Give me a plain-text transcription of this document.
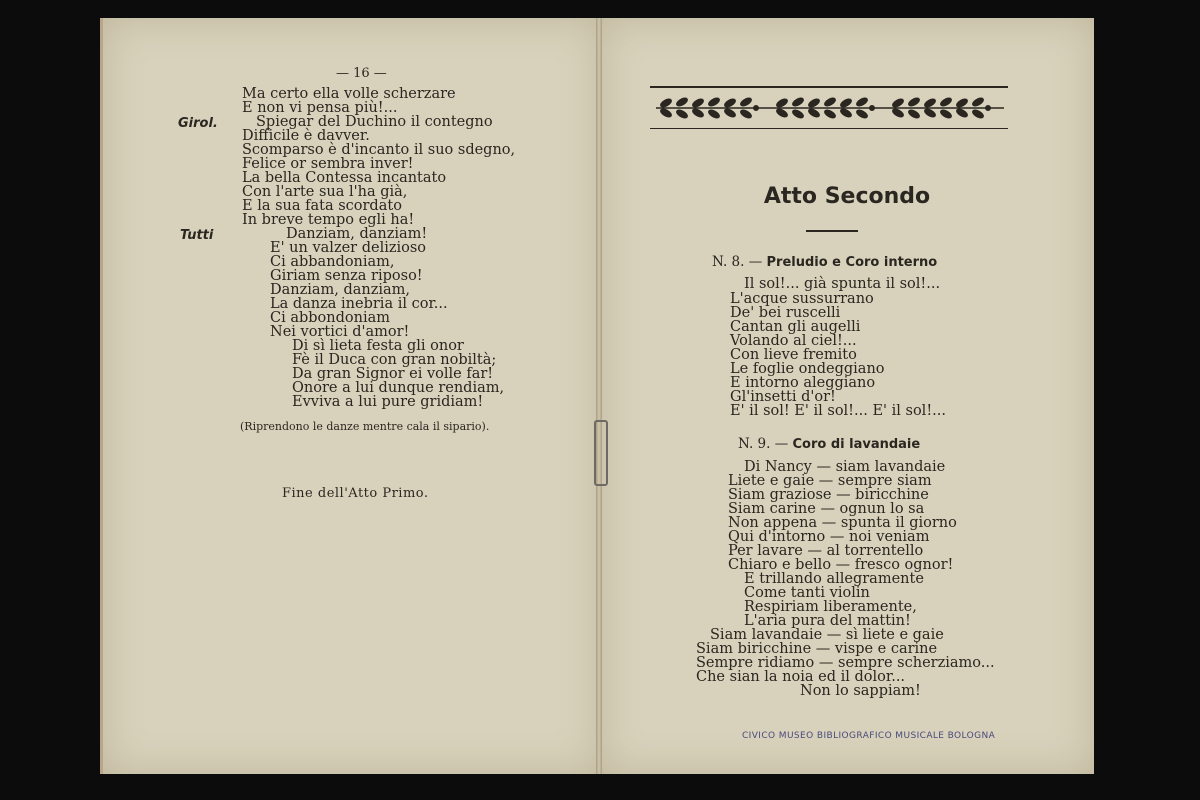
— 16 —
Girol.
Tutti
Ma certo ella volle scherzare
E non vi pensa più!...
Spiegar del Duchino il contegno
Difficile è davver.
Scomparso è d'incanto il suo sdegno,
Felice or sembra inver!
La bella Contessa incantato
Con l'arte sua l'ha già,
E la sua fata scordato
In breve tempo egli ha!
Danziam, danziam!
E' un valzer delizioso
Ci abbandoniam,
Giriam senza riposo!
Danziam, danziam,
La danza inebria il cor...
Ci abbondoniam
Nei vortici d'amor!
Di sì lieta festa gli onor
Fè il Duca con gran nobiltà;
Da gran Signor ei volle far!
Onore a lui dunque rendiam,
Evviva a lui pure gridiam!
(Riprendono le danze mentre cala il sipario).
Fine dell'Atto Primo.
Atto Secondo
N. 8. — Preludio e Coro interno
Il sol!... già spunta il sol!...
L'acque sussurrano
De' bei ruscelli
Cantan gli augelli
Volando al ciel!...
Con lieve fremito
Le foglie ondeggiano
E intorno aleggiano
Gl'insetti d'or!
E' il sol! E' il sol!... E' il sol!...
N. 9. — Coro di lavandaie
Di Nancy — siam lavandaie
Liete e gaie — sempre siam
Siam graziose — biricchine
Siam carine — ognun lo sa
Non appena — spunta il giorno
Qui d'intorno — noi veniam
Per lavare — al torrentello
Chiaro e bello — fresco ognor!
E trillando allegramente
Come tanti violin
Respiriam liberamente,
L'aria pura del mattin!
Siam lavandaie — sì liete e gaie
Siam biricchine — vispe e carine
Sempre ridiamo — sempre scherziamo...
Che sian la noia ed il dolor...
Non lo sappiam!
CIVICO MUSEO BIBLIOGRAFICO MUSICALE BOLOGNA
